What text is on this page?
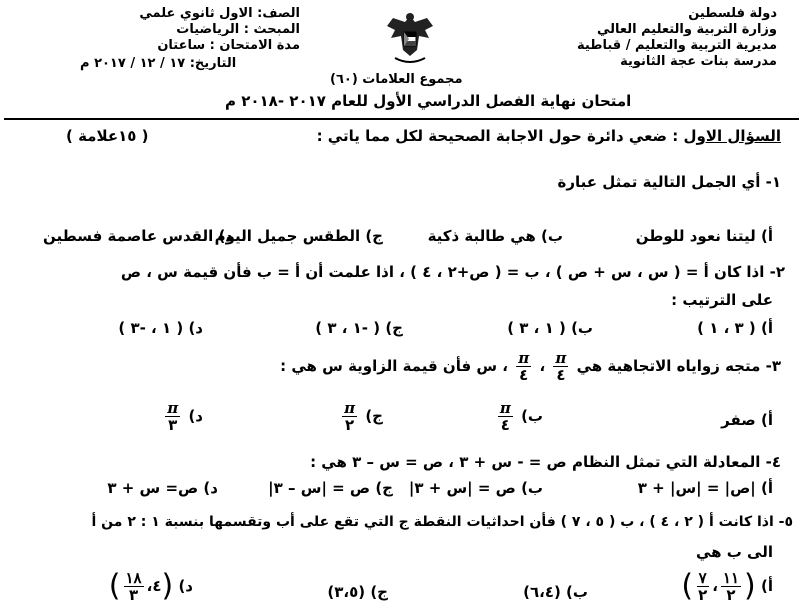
دولة فلسطين
وزارة التربية والتعليم العالي
مديرية التربية والتعليم / قباطية
مدرسة بنات عجة الثانوية
الصف: الاول ثانوي علمي
المبحث : الرياضيات
مدة الامتحان : ساعتان
التاريخ: ١٧ / ١٢ / ٢٠١٧ م
مجموع العلامات (٦٠)
امتحان نهاية الفصل الدراسي الأول للعام ٢٠١٧ -٢٠١٨ م
السؤال الاول : ضعي دائرة حول الاجابة الصحيحة لكل مما ياتي :
( ١٥علامة )
١- أي الجمل التالية تمثل عبارة
أ) ليتنا نعود للوطن
ب) هي طالبة ذكية
ج) الطقس جميل اليوم
د) القدس عاصمة فسطين
٢- اذا كان أ = ( س ، س + ص ) ، ب = ( ص+٢ ، ٤ ) ، اذا علمت أن أ = ب فأن قيمة س ، ص
على الترتيب :
أ) ( ٣ ، ١ )
ب) ( ١ ، ٣ )
ج) ( -١ ، ٣ )
د) ( ١ ، -٣ )
٣- متجه زواياه الاتجاهية هي
$\frac{\pi}{٤}$
،
$\frac{\pi}{٤}$
، س فأن قيمة الزاوية س هي :
أ) صفر
ب)
$\frac{\pi}{٤}$
ج)
$\frac{\pi}{٢}$
د)
$\frac{\pi}{٣}$
٤- المعادلة التي تمثل النظام ص = - س + ٣ ، ص = س – ٣ هي :
أ) |ص| = |س| + ٣
ب) ص = |س + ٣|
ج) ص = |س – ٣|
د) ص= س + ٣
٥- اذا كانت أ ( ٢ ، ٤ ) ، ب ( ٥ ، ٧ ) فأن احداثيات النقطة ج التي تقع على أب وتقسمها بنسبة ١ : ٢ من أ
الى ب هي
أ) (
$\frac{١١}{٢}$
،
$\frac{٧}{٢}$
)
ب) (٦،٤)
ج) (٣،٥)
د) (٤،
$\frac{١٨}{٣}$
)
